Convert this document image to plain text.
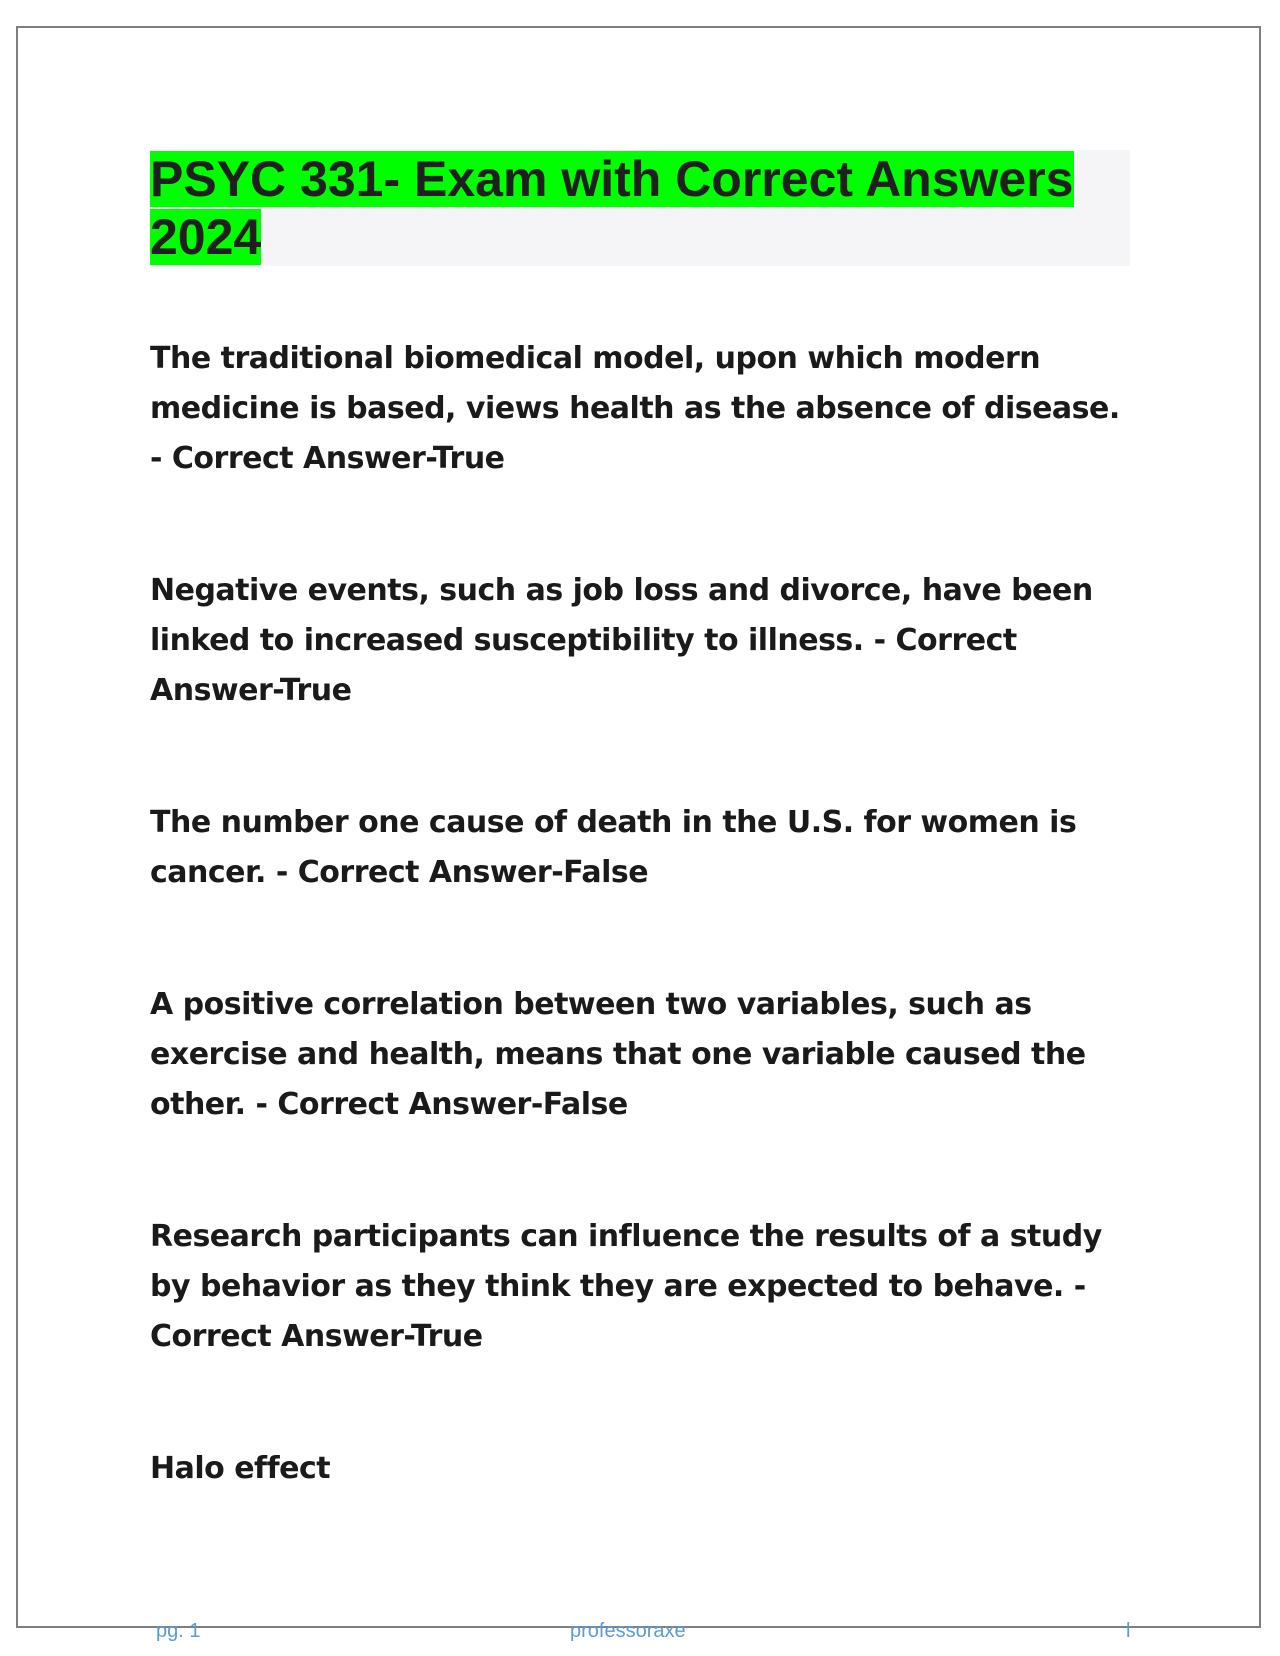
PSYC 331- Exam with Correct Answers 2024

The traditional biomedical model, upon which modern medicine is based, views health as the absence of disease. - Correct Answer-True

Negative events, such as job loss and divorce, have been linked to increased susceptibility to illness. - Correct Answer-True

The number one cause of death in the U.S. for women is cancer. - Correct Answer-False

A positive correlation between two variables, such as exercise and health, means that one variable caused the other. - Correct Answer-False

Research participants can influence the results of a study by behavior as they think they are expected to behave. - Correct Answer-True

Halo effect

pg. 1	professoraxe	l
